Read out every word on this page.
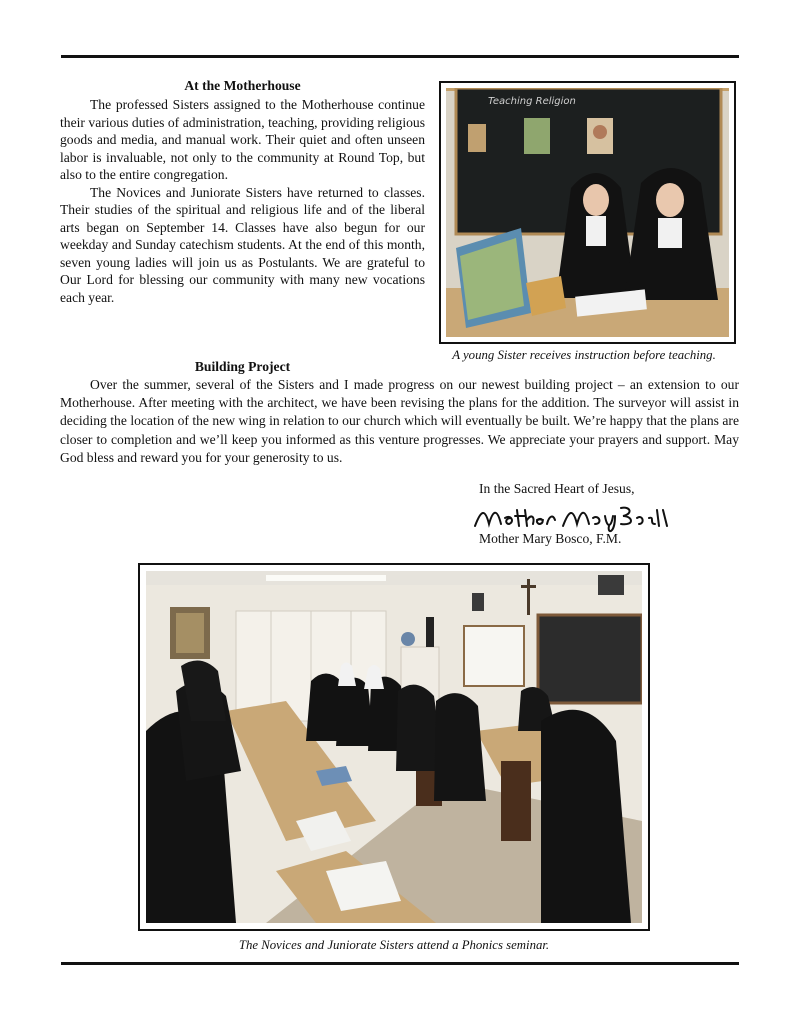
At the Motherhouse

The professed Sisters assigned to the Motherhouse continue their various duties of administration, teaching, providing religious goods and media, and manual work. Their quiet and often unseen labor is invaluable, not only to the community at Round Top, but also to the entire congregation.

The Novices and Juniorate Sisters have returned to classes. Their studies of the spiritual and religious life and of the liberal arts began on September 14. Classes have also begun for our weekday and Sunday catechism students. At the end of this month, seven young ladies will join us as Postulants. We are grateful to Our Lord for blessing our community with many new vocations each year.

Teaching Religion
A young Sister receives instruction before teaching.
Building Project

Over the summer, several of the Sisters and I made progress on our newest building project – an extension to our Motherhouse. After meeting with the architect, we have been revising the plans for the addition. The surveyor will assist in deciding the location of the new wing in relation to our church which will eventually be built. We’re happy that the plans are closer to completion and we’ll keep you informed as this venture progresses. We appreciate your prayers and support. May God bless and reward you for your generosity to us.

In the Sacred Heart of Jesus,
Mother Mary Bosco, F.M.
The Novices and Juniorate Sisters attend a Phonics seminar.
